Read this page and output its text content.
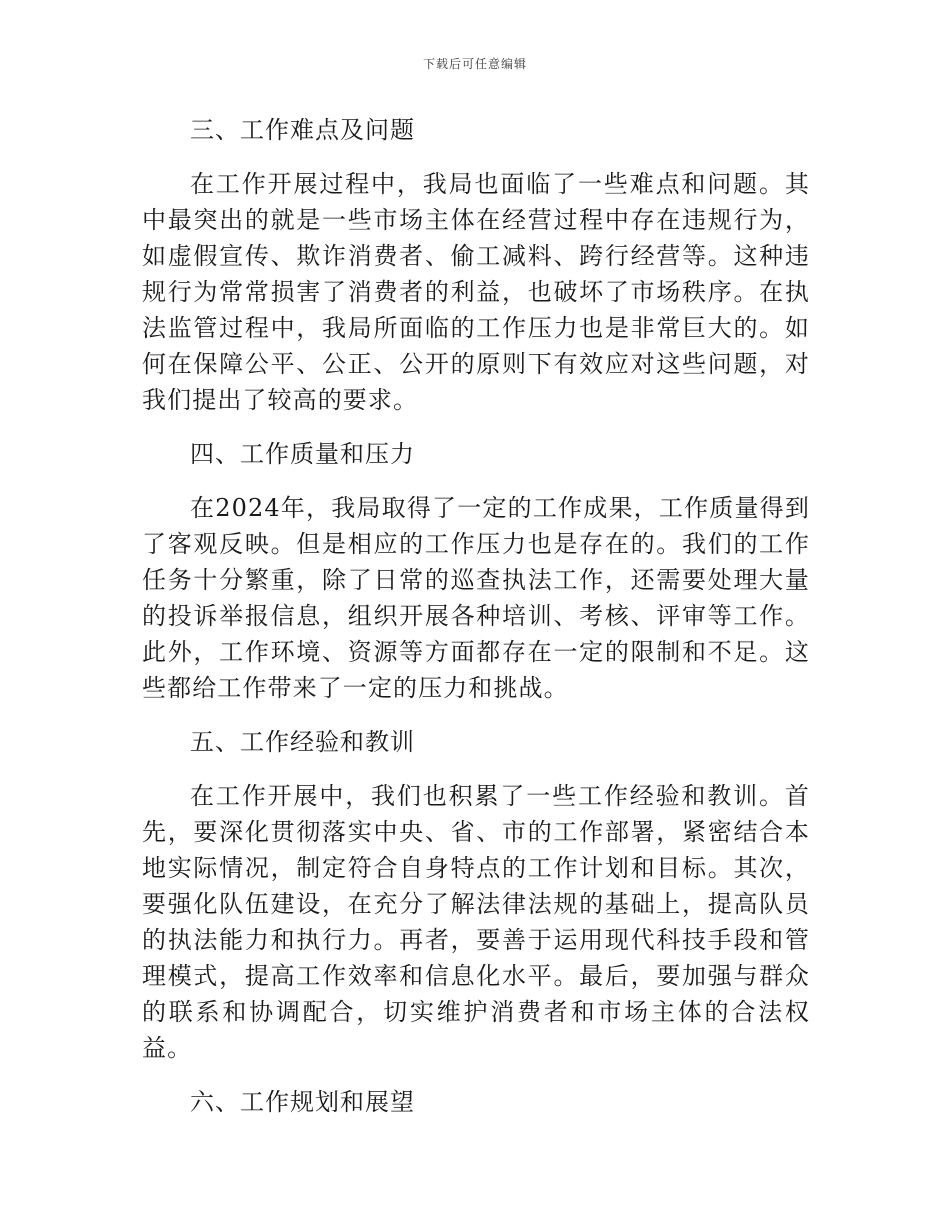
下载后可任意编辑

三、工作难点及问题

在工作开展过程中，我局也面临了一些难点和问题。其中最突出的就是一些市场主体在经营过程中存在违规行为，如虚假宣传、欺诈消费者、偷工减料、跨行经营等。这种违规行为常常损害了消费者的利益，也破坏了市场秩序。在执法监管过程中，我局所面临的工作压力也是非常巨大的。如何在保障公平、公正、公开的原则下有效应对这些问题，对我们提出了较高的要求。

四、工作质量和压力

在2024年，我局取得了一定的工作成果，工作质量得到了客观反映。但是相应的工作压力也是存在的。我们的工作任务十分繁重，除了日常的巡查执法工作，还需要处理大量的投诉举报信息，组织开展各种培训、考核、评审等工作。此外，工作环境、资源等方面都存在一定的限制和不足。这些都给工作带来了一定的压力和挑战。

五、工作经验和教训

在工作开展中，我们也积累了一些工作经验和教训。首先，要深化贯彻落实中央、省、市的工作部署，紧密结合本地实际情况，制定符合自身特点的工作计划和目标。其次，要强化队伍建设，在充分了解法律法规的基础上，提高队员的执法能力和执行力。再者，要善于运用现代科技手段和管理模式，提高工作效率和信息化水平。最后，要加强与群众的联系和协调配合，切实维护消费者和市场主体的合法权益。

六、工作规划和展望
